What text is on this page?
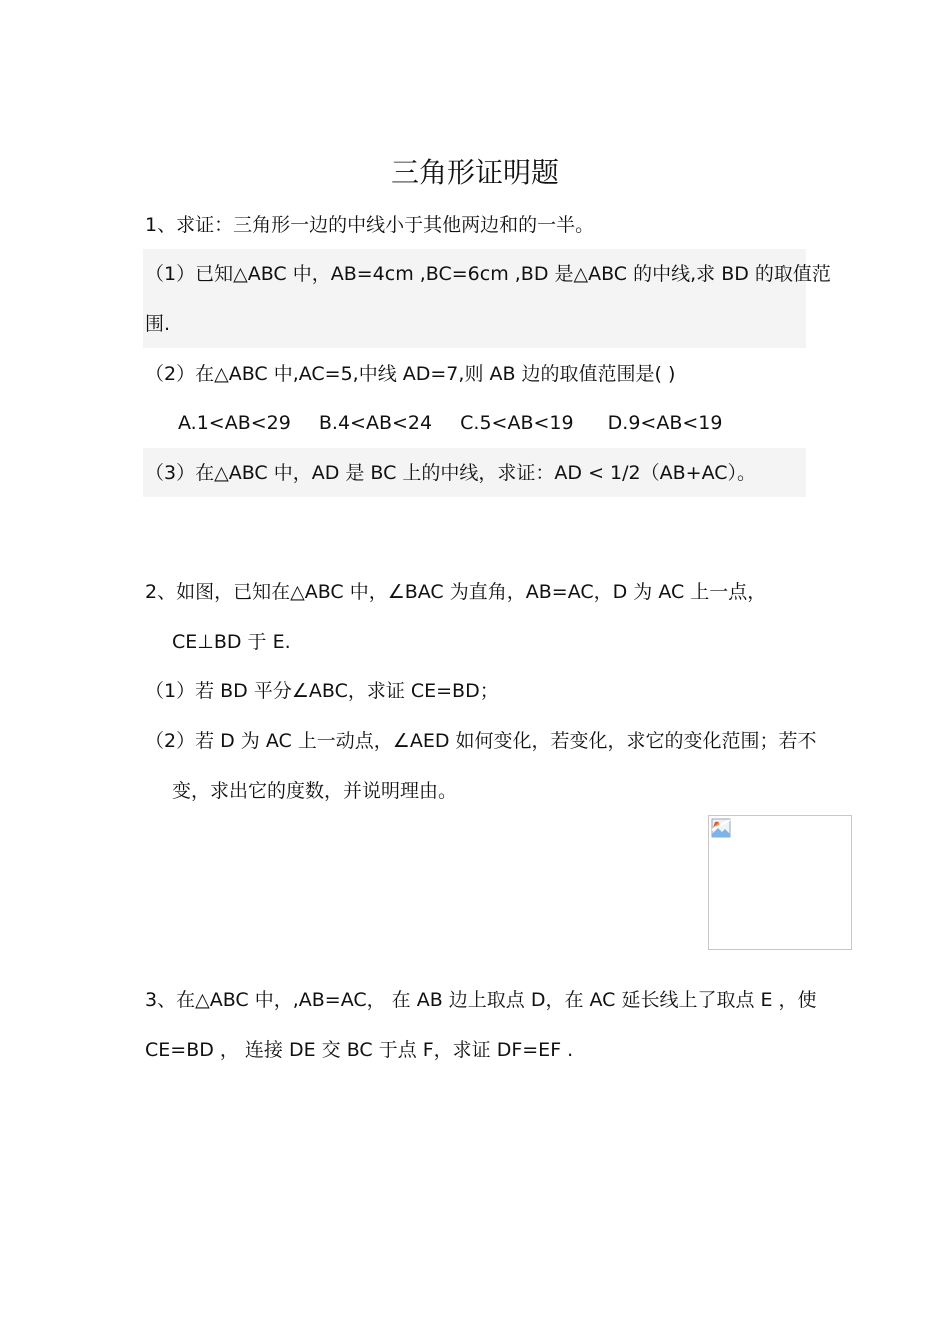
三角形证明题
1、求证：三角形一边的中线小于其他两边和的一半。
（1）已知△ABC 中，AB=4cm ,BC=6cm ,BD 是△ABC 的中线,求 BD 的取值范
围.
（2）在△ABC 中,AC=5,中线 AD=7,则 AB 边的取值范围是( )
A.1<AB<29 B.4<AB<24 C.5<AB<19 D.9<AB<19
（3）在△ABC 中，AD 是 BC 上的中线，求证：AD < 1/2（AB+AC）。
2、如图，已知在△ABC 中，∠BAC 为直角，AB=AC，D 为 AC 上一点，
CE⊥BD 于 E.
（1）若 BD 平分∠ABC，求证 CE=BD；
（2）若 D 为 AC 上一动点，∠AED 如何变化，若变化，求它的变化范围；若不
变，求出它的度数，并说明理由。
3、在△ABC 中，,AB=AC， 在 AB 边上取点 D，在 AC 延长线上了取点 E ，使
CE=BD ， 连接 DE 交 BC 于点 F，求证 DF=EF .
